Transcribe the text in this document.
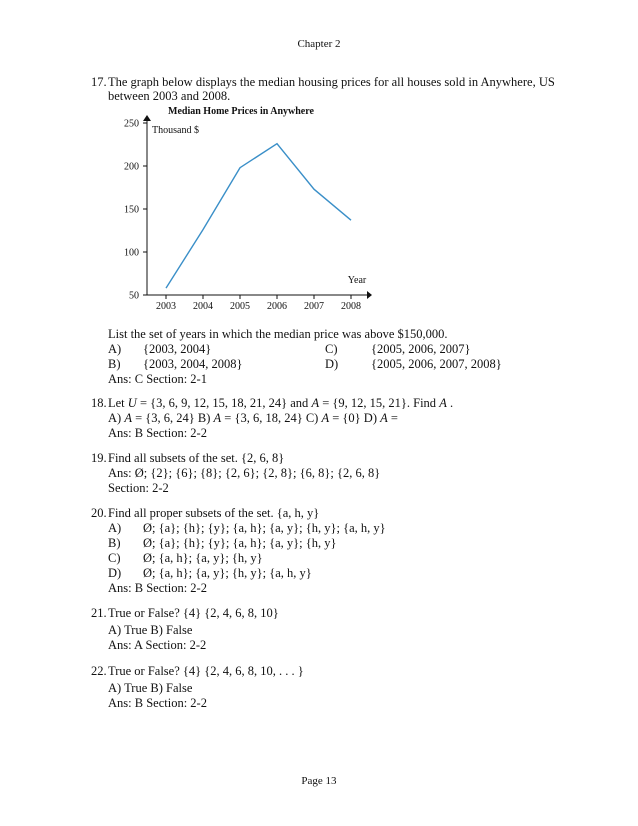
Chapter 2
17. The graph below displays the median housing prices for all houses sold in Anywhere, US
between 2003 and 2008.
Median Home Prices in Anywhere
Thousand $
Year
50
100
150
200
250
2003 2004 2005 2006 2007 2008
List the set of years in which the median price was above $150,000.
A) {2003, 2004}	C)	{2005, 2006, 2007}
B) {2003, 2004, 2008}	D)	{2005, 2006, 2007, 2008}
Ans: C Section: 2-1
18. Let U = {3, 6, 9, 12, 15, 18, 21, 24} and A = {9, 12, 15, 21}. Find A .
A) A = {3, 6, 24} B) A = {3, 6, 18, 24} C) A = {0} D) A =
Ans: B Section: 2-2
19. Find all subsets of the set. {2, 6, 8}
Ans: Ø; {2}; {6}; {8}; {2, 6}; {2, 8}; {6, 8}; {2, 6, 8}
Section: 2-2
20. Find all proper subsets of the set. {a, h, y}
A) Ø; {a}; {h}; {y}; {a, h}; {a, y}; {h, y}; {a, h, y}
B) Ø; {a}; {h}; {y}; {a, h}; {a, y}; {h, y}
C) Ø; {a, h}; {a, y}; {h, y}
D) Ø; {a, h}; {a, y}; {h, y}; {a, h, y}
Ans: B Section: 2-2
21. True or False? {4} {2, 4, 6, 8, 10}
A) True B) False
Ans: A Section: 2-2
22. True or False? {4} {2, 4, 6, 8, 10, . . . }
A) True B) False
Ans: B Section: 2-2
Page 13
